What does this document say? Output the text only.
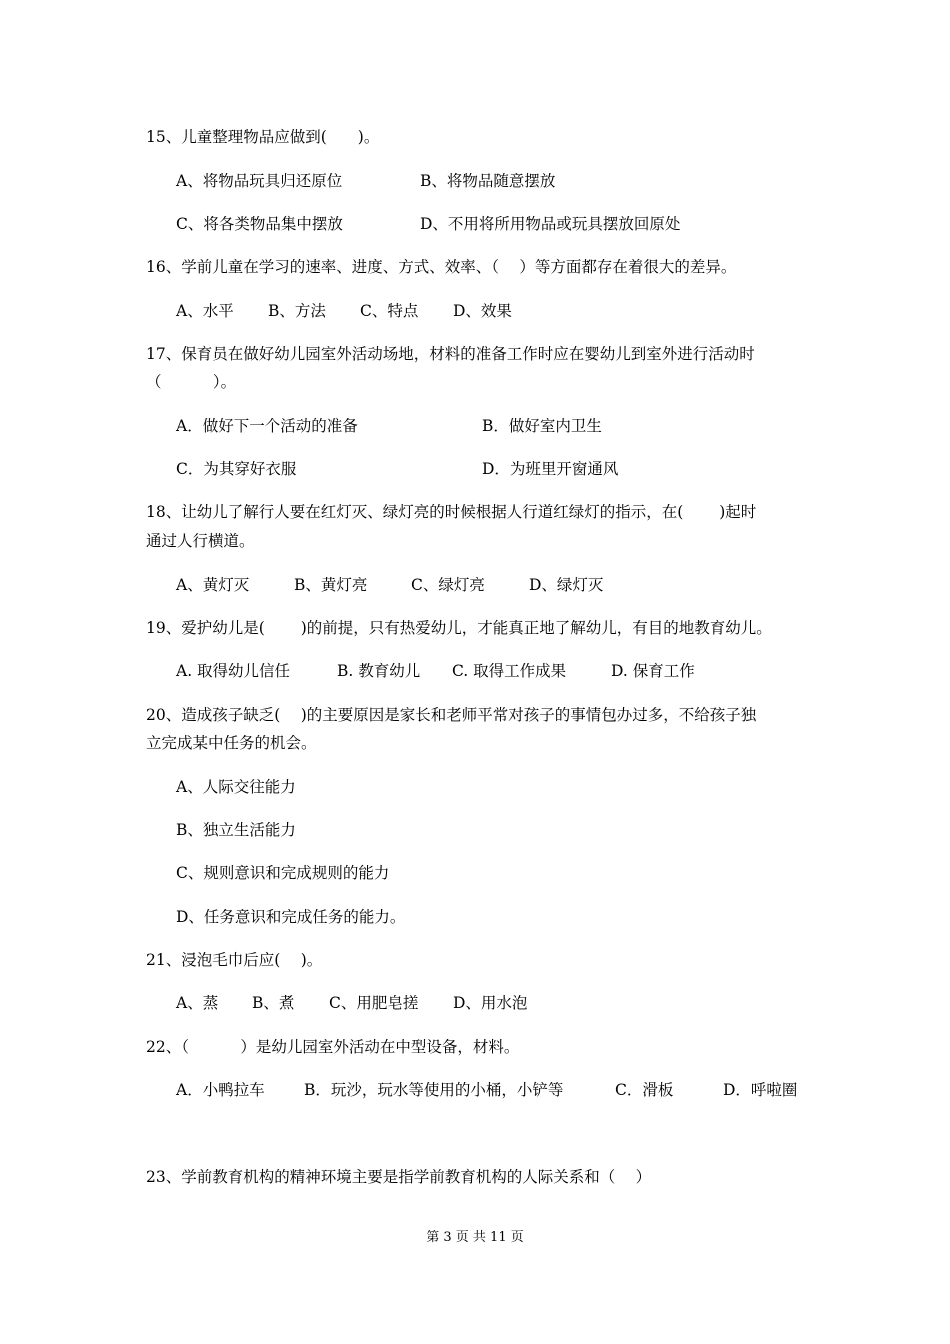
15、儿童整理物品应做到(　　)。
A、将物品玩具归还原位	B、将物品随意摆放
C、将各类物品集中摆放	D、不用将所用物品或玩具摆放回原处
16、学前儿童在学习的速率、进度、方式、效率、（　 ）等方面都存在着很大的差异。
A、水平 B、方法 C、特点 D、效果
17、保育员在做好幼儿园室外活动场地，材料的准备工作时应在婴幼儿到室外进行活动时
（　　　 ）。
A．做好下一个活动的准备	B．做好室内卫生
C．为其穿好衣服	D．为班里开窗通风
18、让幼儿了解行人要在红灯灭、绿灯亮的时候根据人行道红绿灯的指示，在(　　 )起时
通过人行横道。
A、黄灯灭	B、黄灯亮	C、绿灯亮	D、绿灯灭
19、爱护幼儿是(　　 )的前提，只有热爱幼儿，才能真正地了解幼儿，有目的地教育幼儿。
A. 取得幼儿信任	B. 教育幼儿 C. 取得工作成果	D. 保育工作
20、造成孩子缺乏(　 )的主要原因是家长和老师平常对孩子的事情包办过多，不给孩子独
立完成某中任务的机会。
A、人际交往能力
B、独立生活能力
C、规则意识和完成规则的能力
D、任务意识和完成任务的能力。
21、浸泡毛巾后应(　 )。
A、蒸 B、煮 C、用肥皂搓 D、用水泡
22、（　　　 ）是幼儿园室外活动在中型设备，材料。
A．小鸭拉车	B．玩沙，玩水等使用的小桶，小铲等	C．滑板	D．呼啦圈
23、学前教育机构的精神环境主要是指学前教育机构的人际关系和（　 ）
第 3 页 共 11 页
